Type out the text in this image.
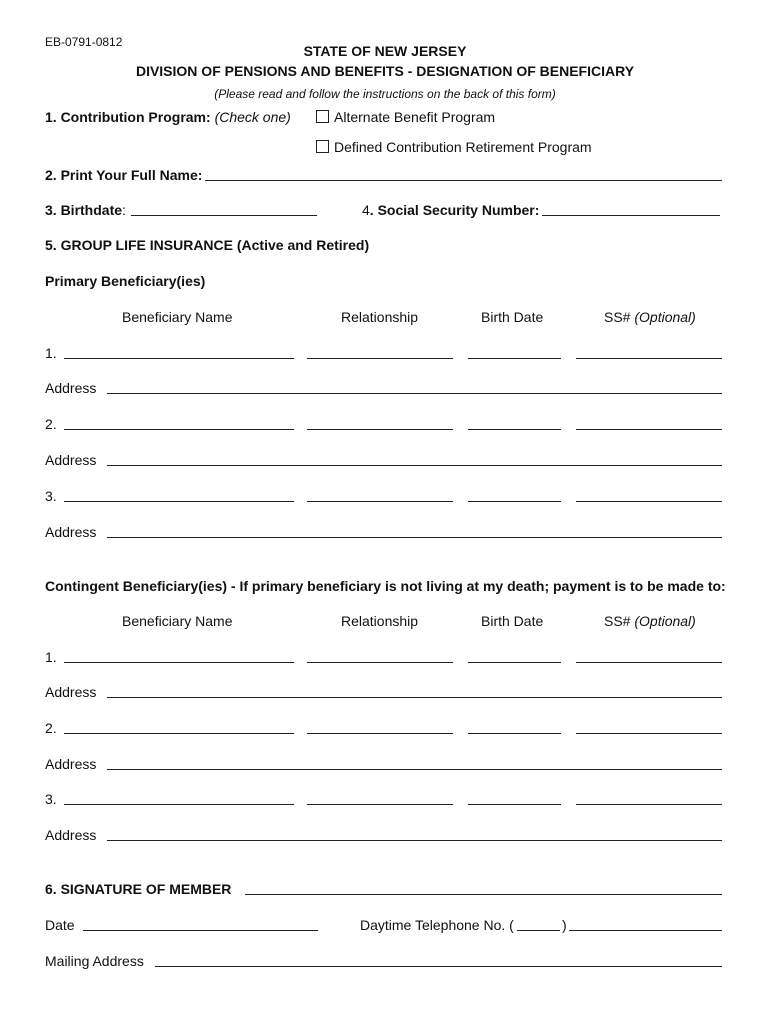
EB-0791-0812
STATE OF NEW JERSEY
DIVISION OF PENSIONS AND BENEFITS - DESIGNATION OF BENEFICIARY
(Please read and follow the instructions on the back of this form)
1. Contribution Program: (Check one)	Alternate Benefit Program
Defined Contribution Retirement Program
2. Print Your Full Name:
3. Birthdate:	4. Social Security Number:
5. GROUP LIFE INSURANCE (Active and Retired)
Primary Beneficiary(ies)
Beneficiary Name	Relationship	Birth Date	SS# (Optional)
1.
Address
2.
Address
3.
Address
Contingent Beneficiary(ies) - If primary beneficiary is not living at my death; payment is to be made to:
Beneficiary Name	Relationship	Birth Date	SS# (Optional)
1.
Address
2.
Address
3.
Address
6. SIGNATURE OF MEMBER
Date	Daytime Telephone No. (	)
Mailing Address
